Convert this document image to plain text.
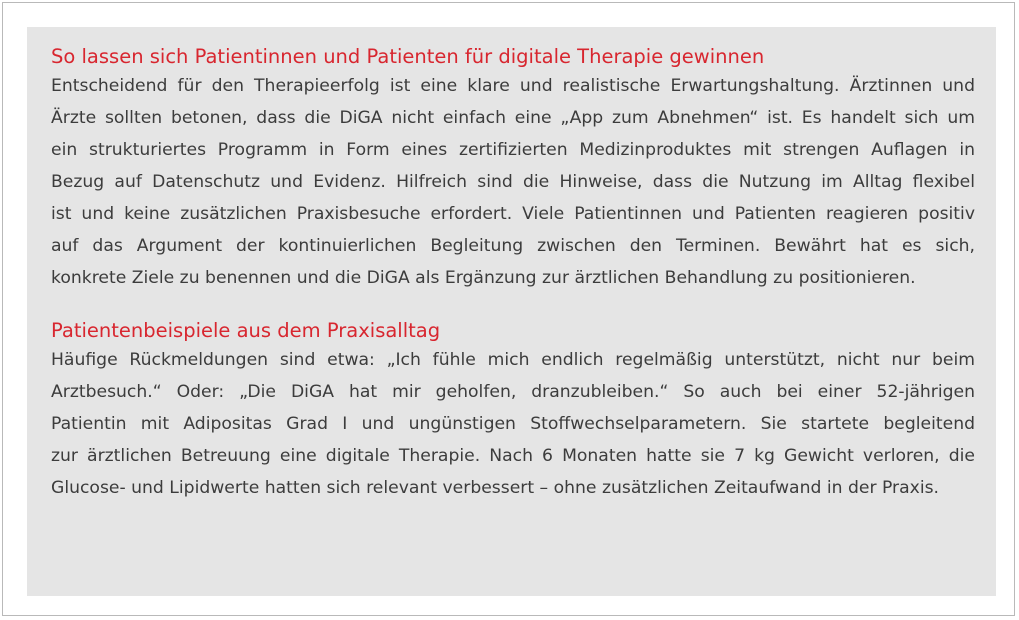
So lassen sich Patientinnen und Patienten für digitale Therapie gewinnen
Entscheidend für den Therapieerfolg ist eine klare und realistische Erwartungshaltung. Ärztinnen und
Ärzte sollten betonen, dass die DiGA nicht einfach eine „App zum Abnehmen“ ist. Es handelt sich um
ein strukturiertes Programm in Form eines zertifizierten Medizinproduktes mit strengen Auflagen in
Bezug auf Datenschutz und Evidenz. Hilfreich sind die Hinweise, dass die Nutzung im Alltag flexibel
ist und keine zusätzlichen Praxisbesuche erfordert. Viele Patientinnen und Patienten reagieren positiv
auf das Argument der kontinuierlichen Begleitung zwischen den Terminen. Bewährt hat es sich,
konkrete Ziele zu benennen und die DiGA als Ergänzung zur ärztlichen Behandlung zu positionieren.
Patientenbeispiele aus dem Praxisalltag
Häufige Rückmeldungen sind etwa: „Ich fühle mich endlich regelmäßig unterstützt, nicht nur beim
Arztbesuch.“ Oder: „Die DiGA hat mir geholfen, dranzubleiben.“ So auch bei einer 52-jährigen
Patientin mit Adipositas Grad I und ungünstigen Stoffwechselparametern. Sie startete begleitend
zur ärztlichen Betreuung eine digitale Therapie. Nach 6 Monaten hatte sie 7 kg Gewicht verloren, die
Glucose- und Lipidwerte hatten sich relevant verbessert – ohne zusätzlichen Zeitaufwand in der Praxis.
